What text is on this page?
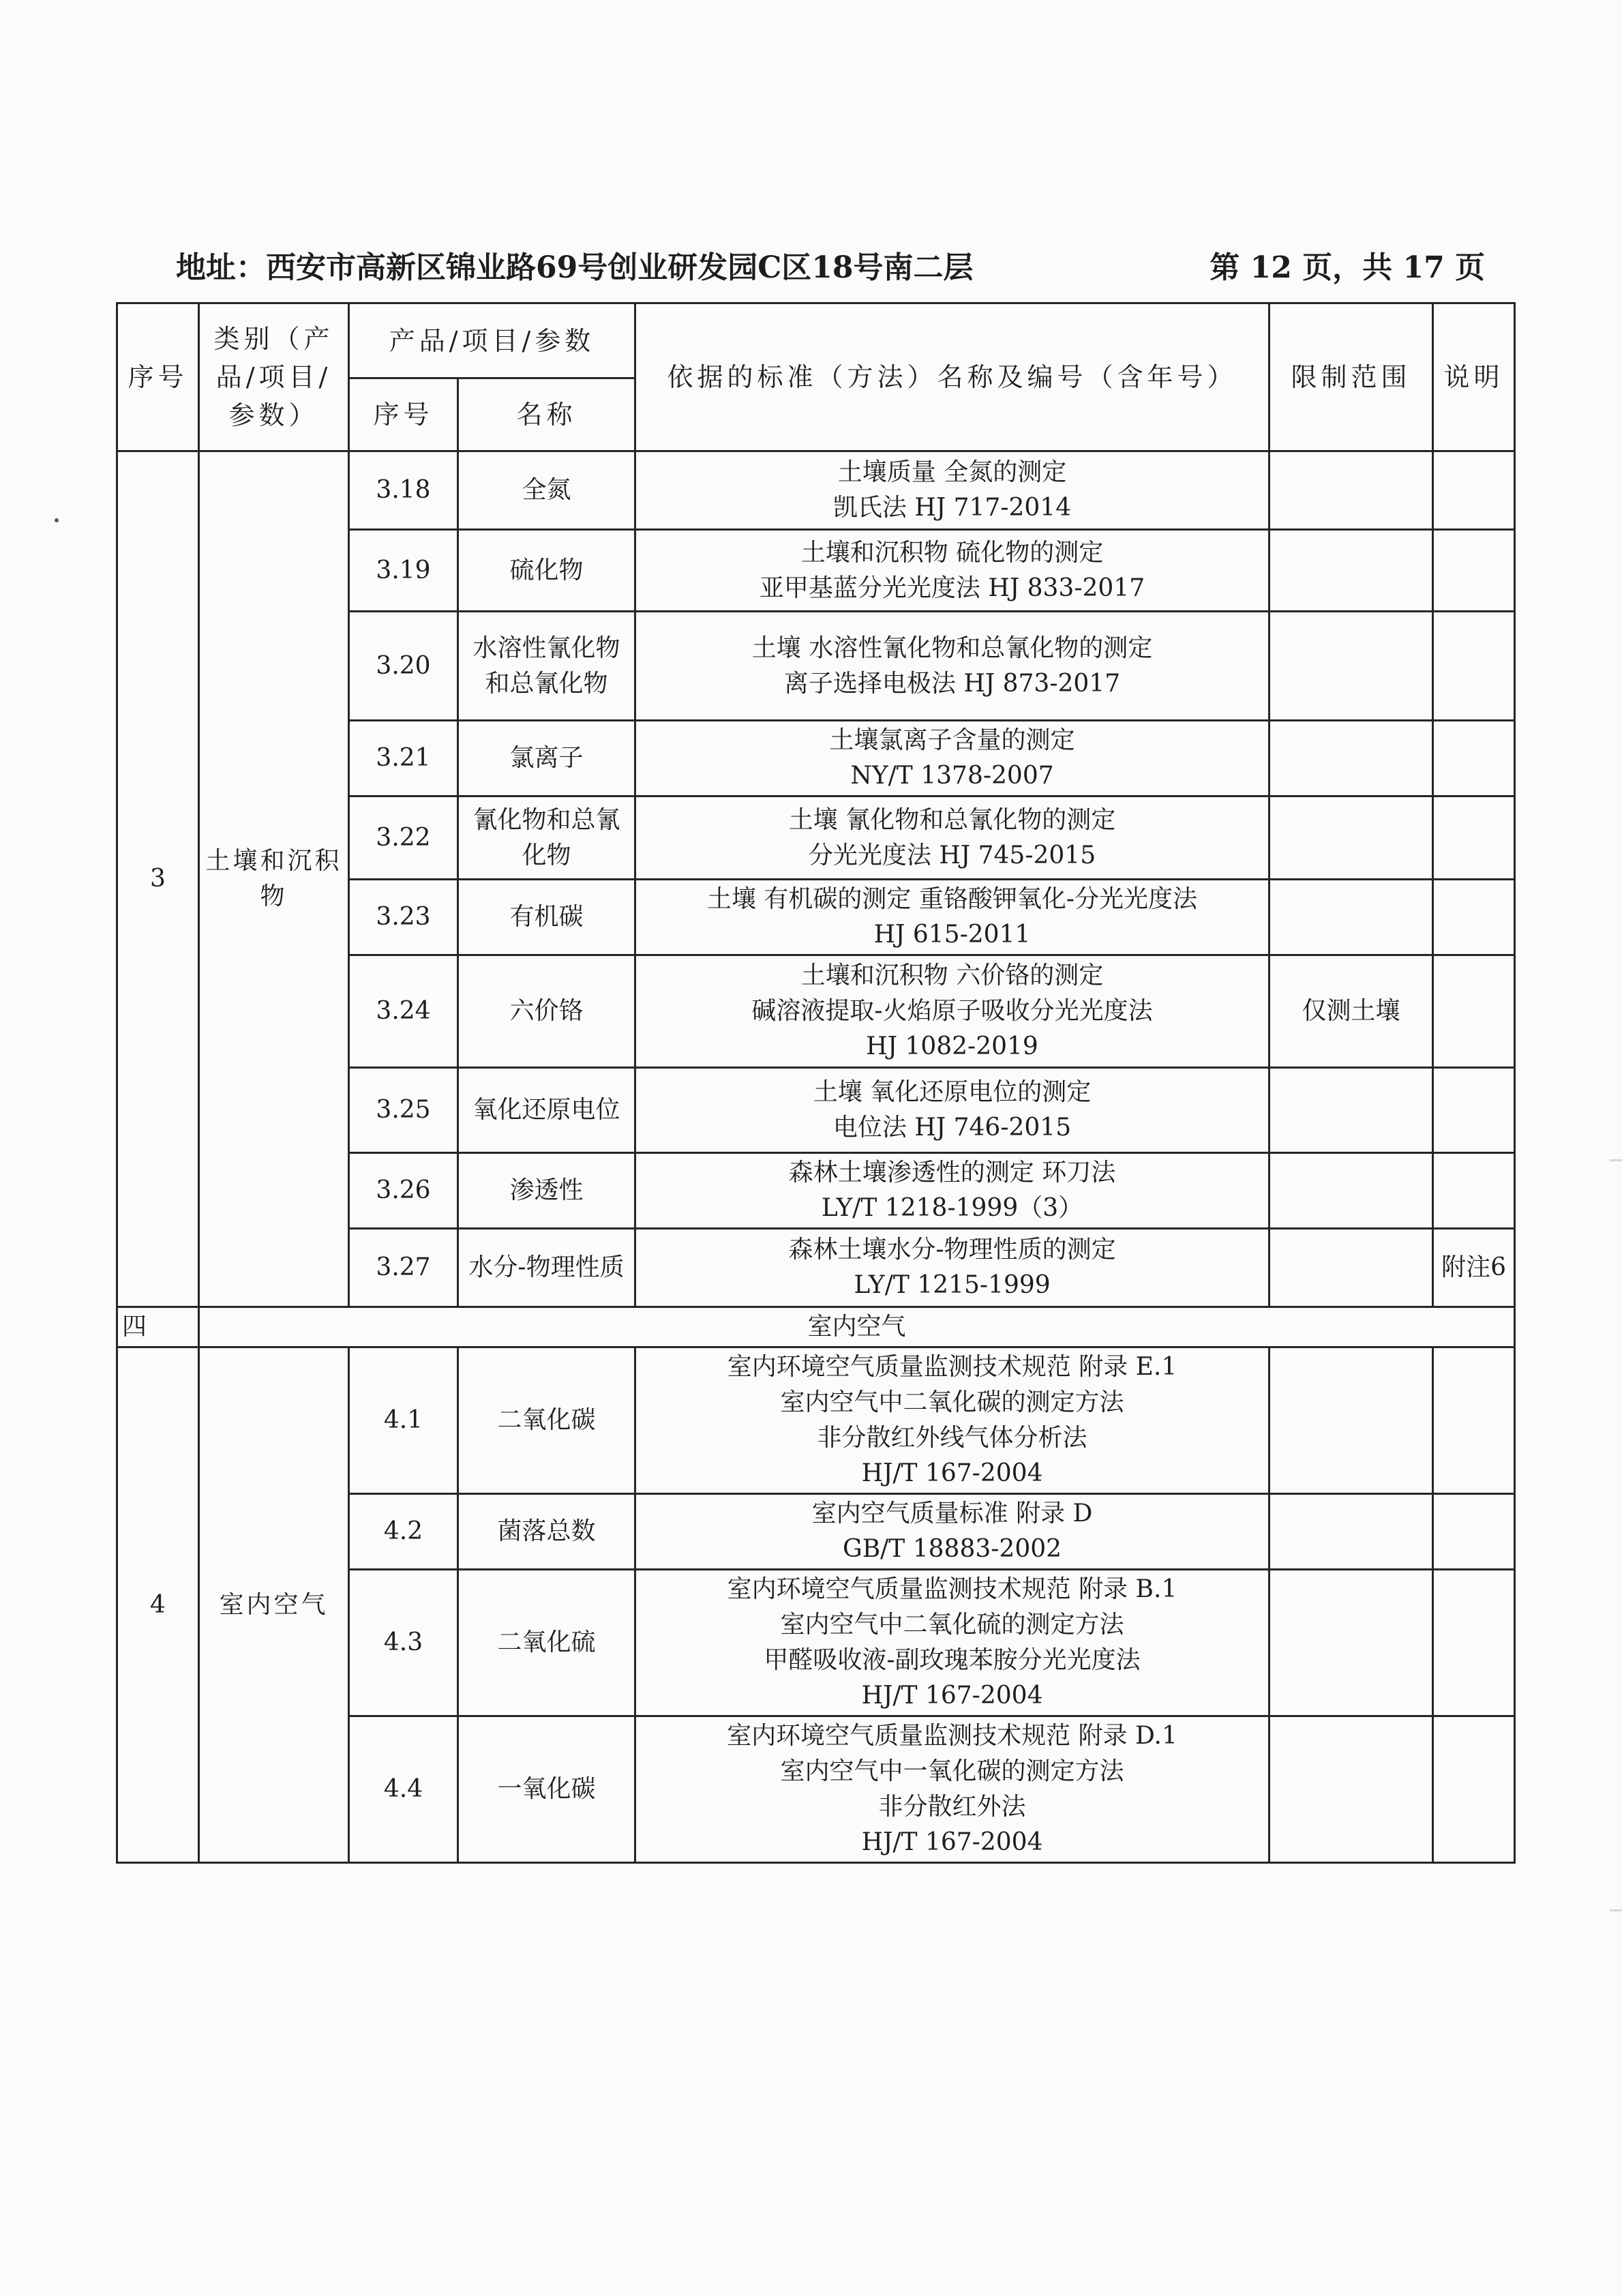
地址：西安市高新区锦业路69号创业研发园C区18号南二层	第 12 页，共 17 页
序号	类别（产品/项目/参数）	产品/项目/参数		依据的标准（方法）名称及编号（含年号）	限制范围	说明
		序号	名称			
3	土壤和沉积物	3.18	全氮	土壤质量 全氮的测定
凯氏法 HJ 717-2014		

		3.19	硫化物	土壤和沉积物 硫化物的测定
亚甲基蓝分光光度法 HJ 833-2017		

		3.20	水溶性氰化物和总氰化物	土壤 水溶性氰化物和总氰化物的测定
离子选择电极法 HJ 873-2017		

		3.21	氯离子	土壤氯离子含量的测定
NY/T 1378-2007		

		3.22	氰化物和总氰化物	土壤 氰化物和总氰化物的测定
分光光度法 HJ 745-2015		

		3.23	有机碳	土壤 有机碳的测定 重铬酸钾氧化-分光光度法
HJ 615-2011		

		3.24	六价铬	土壤和沉积物 六价铬的测定
碱溶液提取-火焰原子吸收分光光度法
HJ 1082-2019	仅测土壤	
		3.25	氧化还原电位	土壤 氧化还原电位的测定
电位法 HJ 746-2015		

		3.26	渗透性	森林土壤渗透性的测定 环刀法
LY/T 1218-1999（3）		

		3.27	水分-物理性质	森林土壤水分-物理性质的测定
LY/T 1215-1999		附注6
四	室内空气					
4	室内空气	4.1	二氧化碳	室内环境空气质量监测技术规范 附录 E.1
室内空气中二氧化碳的测定方法
非分散红外线气体分析法
HJ/T 167-2004		

		4.2	菌落总数	室内空气质量标准 附录 D
GB/T 18883-2002		

		4.3	二氧化硫	室内环境空气质量监测技术规范 附录 B.1
室内空气中二氧化硫的测定方法
甲醛吸收液-副玫瑰苯胺分光光度法
HJ/T 167-2004		

		4.4	一氧化碳	室内环境空气质量监测技术规范 附录 D.1
室内空气中一氧化碳的测定方法
非分散红外法
HJ/T 167-2004		
